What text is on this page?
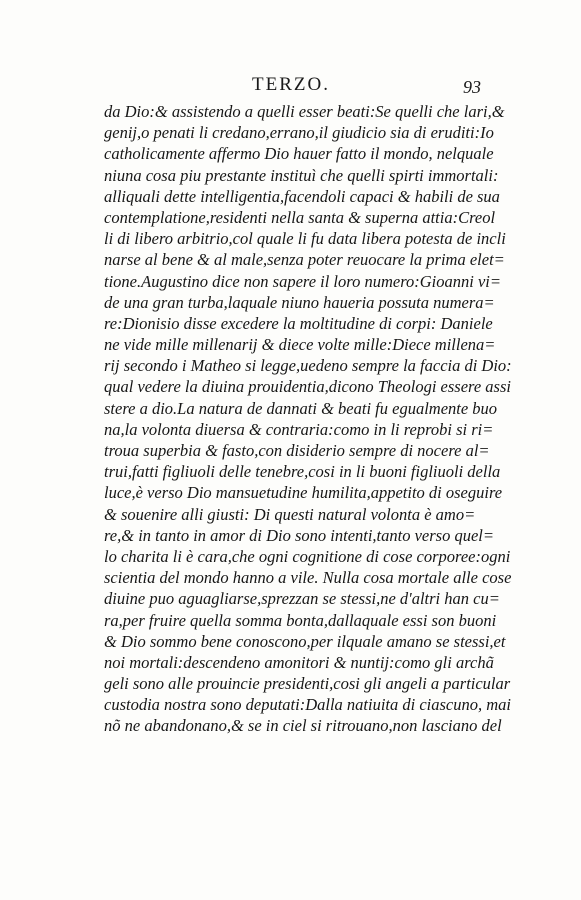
TERZO.	93
da Dio:& assistendo a quelli esser beati:Se quelli che lari,&
genij,o penati li credano,errano,il giudicio sia di eruditi:Io
catholicamente affermo Dio hauer fatto il mondo, nelquale
niuna cosa piu prestante instituì che quelli spirti immortali:
alliquali dette intelligentia,facendoli capaci & habili de sua
contemplatione,residenti nella santa & superna attia:Creol
li di libero arbitrio,col quale li fu data libera potesta de incli
narse al bene & al male,senza poter reuocare la prima elet=
tione.Augustino dice non sapere il loro numero:Gioanni vi=
de una gran turba,laquale niuno haueria possuta numera=
re:Dionisio disse excedere la moltitudine di corpi: Daniele
ne vide mille millenarij & diece volte mille:Diece millena=
rij secondo i Matheo si legge,uedeno sempre la faccia di Dio:
qual vedere la diuina prouidentia,dicono Theologi essere assi
stere a dio.La natura de dannati & beati fu egualmente buo
na,la volonta diuersa & contraria:como in li reprobi si ri=
troua superbia & fasto,con disiderio sempre di nocere al=
trui,fatti figliuoli delle tenebre,cosi in li buoni figliuoli della
luce,è verso Dio mansuetudine humilita,appetito di oseguire
& souenire alli giusti: Di questi natural volonta è amo=
re,& in tanto in amor di Dio sono intenti,tanto verso quel=
lo charita li è cara,che ogni cognitione di cose corporee:ogni
scientia del mondo hanno a vile. Nulla cosa mortale alle cose
diuine puo aguagliarse,sprezzan se stessi,ne d'altri han cu=
ra,per fruire quella somma bonta,dallaquale essi son buoni
& Dio sommo bene conoscono,per ilquale amano se stessi,et
noi mortali:descendeno amonitori & nuntij:como gli archã
geli sono alle prouincie presidenti,cosi gli angeli a particular
custodia nostra sono deputati:Dalla natiuita di ciascuno, mai
nõ ne abandonano,& se in ciel si ritrouano,non lasciano del
